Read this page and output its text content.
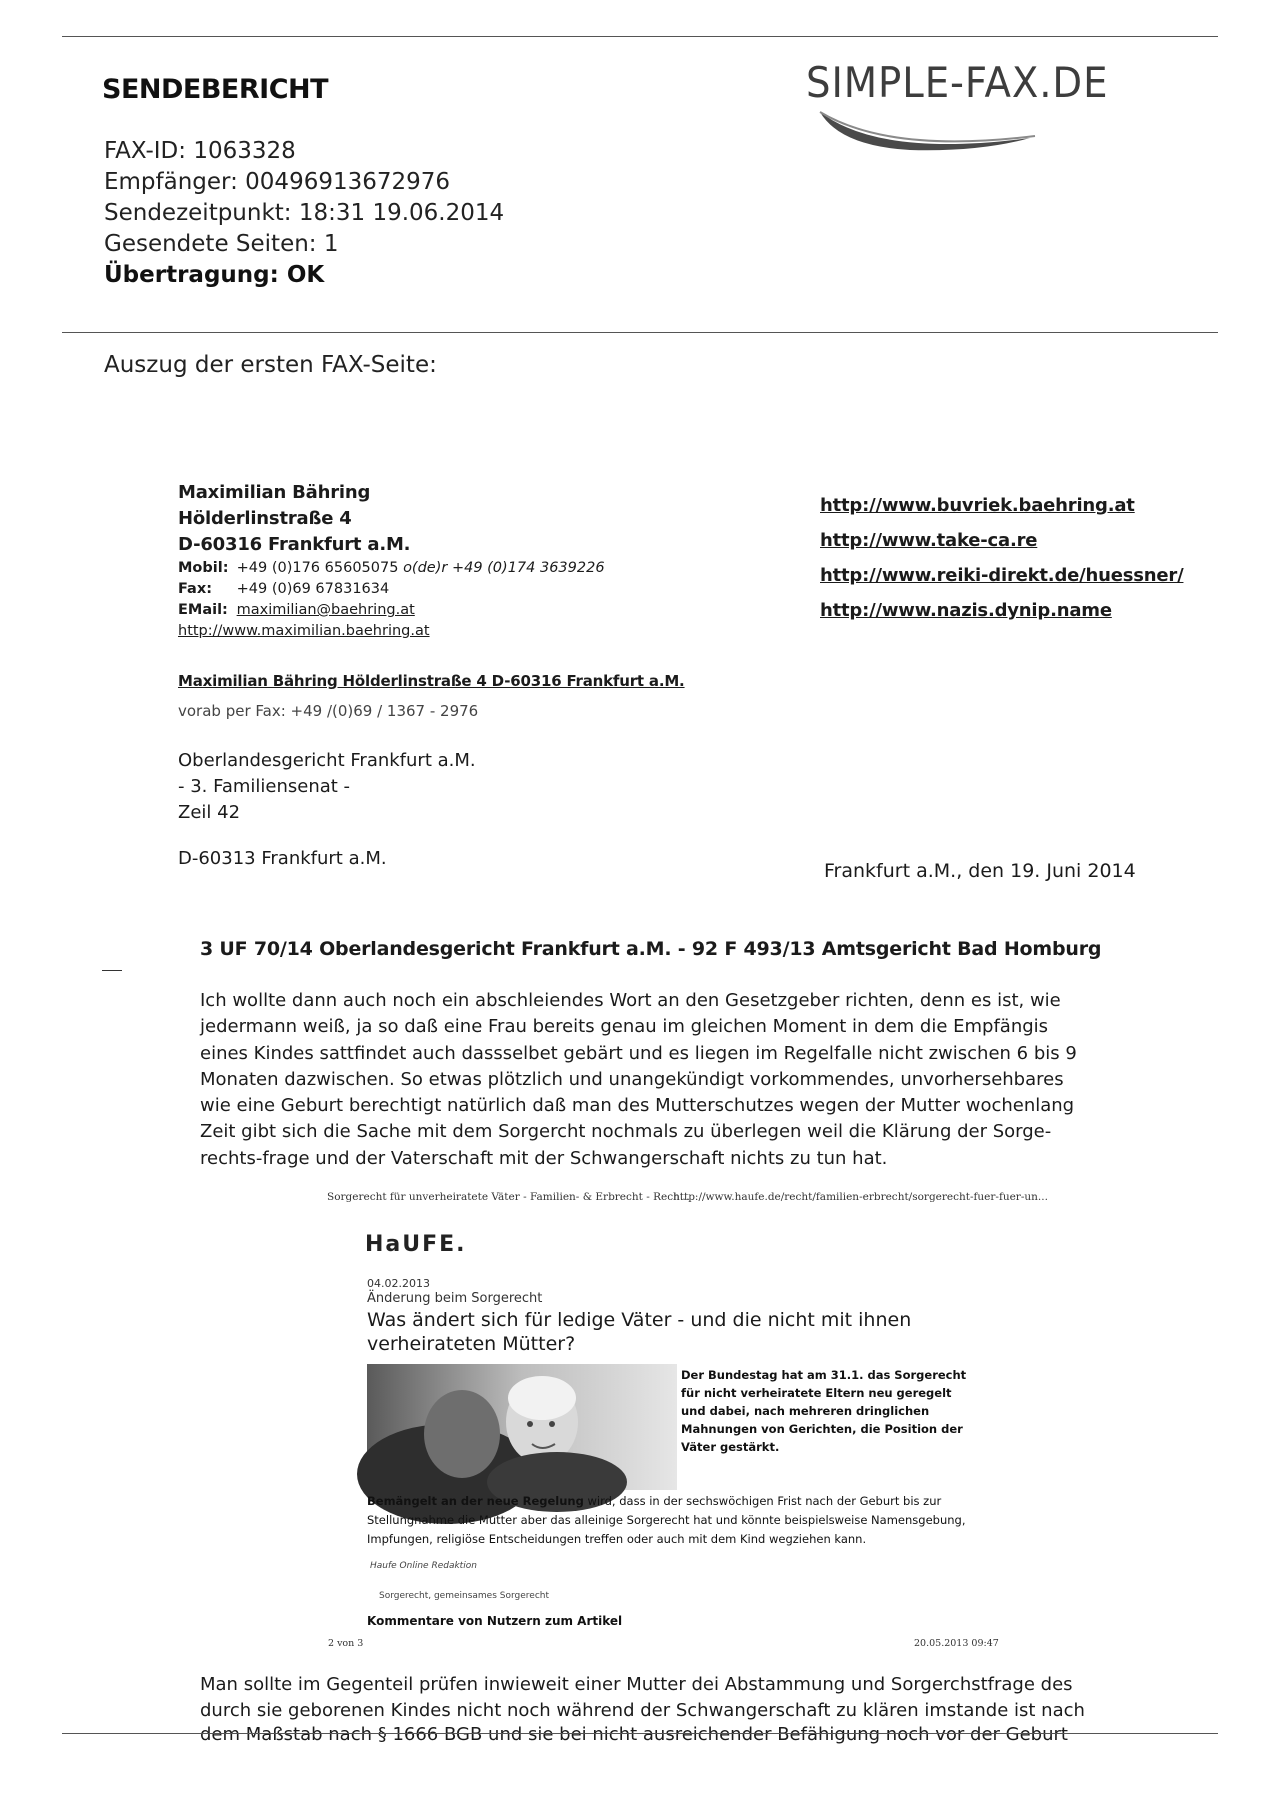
SENDEBERICHT	SIMPLE-FAX.DE
FAX-ID: 1063328
Empfänger: 00496913672976
Sendezeitpunkt: 18:31 19.06.2014
Gesendete Seiten: 1
Übertragung: OK
Auszug der ersten FAX-Seite:
Maximilian Bähring
Hölderlinstraße 4
D-60316 Frankfurt a.M.
Mobil: +49 (0)176 65605075 o(de)r +49 (0)174 3639226
Fax: +49 (0)69 67831634
EMail: maximilian@baehring.at
http://www.maximilian.baehring.at
http://www.buvriek.baehring.at
http://www.take-ca.re
http://www.reiki-direkt.de/huessner/
http://www.nazis.dynip.name
Maximilian Bähring Hölderlinstraße 4 D-60316 Frankfurt a.M.
vorab per Fax: +49 /(0)69 / 1367 - 2976
Oberlandesgericht Frankfurt a.M.
- 3. Familiensenat -
Zeil 42
D-60313 Frankfurt a.M.
Frankfurt a.M., den 19. Juni 2014
3 UF 70/14 Oberlandesgericht Frankfurt a.M. - 92 F 493/13 Amtsgericht Bad Homburg
Ich wollte dann auch noch ein abschleiendes Wort an den Gesetzgeber richten, denn es ist, wie
jedermann weiß, ja so daß eine Frau bereits genau im gleichen Moment in dem die Empfängis
eines Kindes sattfindet auch dassselbet gebärt und es liegen im Regelfalle nicht zwischen 6 bis 9
Monaten dazwischen. So etwas plötzlich und unangekündigt vorkommendes, unvorhersehbares
wie eine Geburt berechtigt natürlich daß man des Mutterschutzes wegen der Mutter wochenlang
Zeit gibt sich die Sache mit dem Sorgercht nochmals zu überlegen weil die Klärung der Sorge-
rechts-frage und der Vaterschaft mit der Schwangerschaft nichts zu tun hat.
Sorgerecht für unverheiratete Väter - Familien- & Erbrecht - Rech...
http://www.haufe.de/recht/familien-erbrecht/sorgerecht-fuer-fuer-un...
HaUFE.
04.02.2013
Änderung beim Sorgerecht
Was ändert sich für ledige Väter - und die nicht mit ihnen
verheirateten Mütter?
Der Bundestag hat am 31.1. das Sorgerecht
für nicht verheiratete Eltern neu geregelt
und dabei, nach mehreren dringlichen
Mahnungen von Gerichten, die Position der
Väter gestärkt.
Bemängelt an der neue Regelung wird, dass in der sechswöchigen Frist nach der Geburt bis zur
Stellungnahme die Mutter aber das alleinige Sorgerecht hat und könnte beispielsweise Namensgebung,
Impfungen, religiöse Entscheidungen treffen oder auch mit dem Kind wegziehen kann.
Haufe Online Redaktion
Sorgerecht, gemeinsames Sorgerecht
Kommentare von Nutzern zum Artikel
2 von 3	20.05.2013 09:47
Man sollte im Gegenteil prüfen inwieweit einer Mutter dei Abstammung und Sorgerchstfrage des
durch sie geborenen Kindes nicht noch während der Schwangerschaft zu klären imstande ist nach
dem Maßstab nach § 1666 BGB und sie bei nicht ausreichender Befähigung noch vor der Geburt
